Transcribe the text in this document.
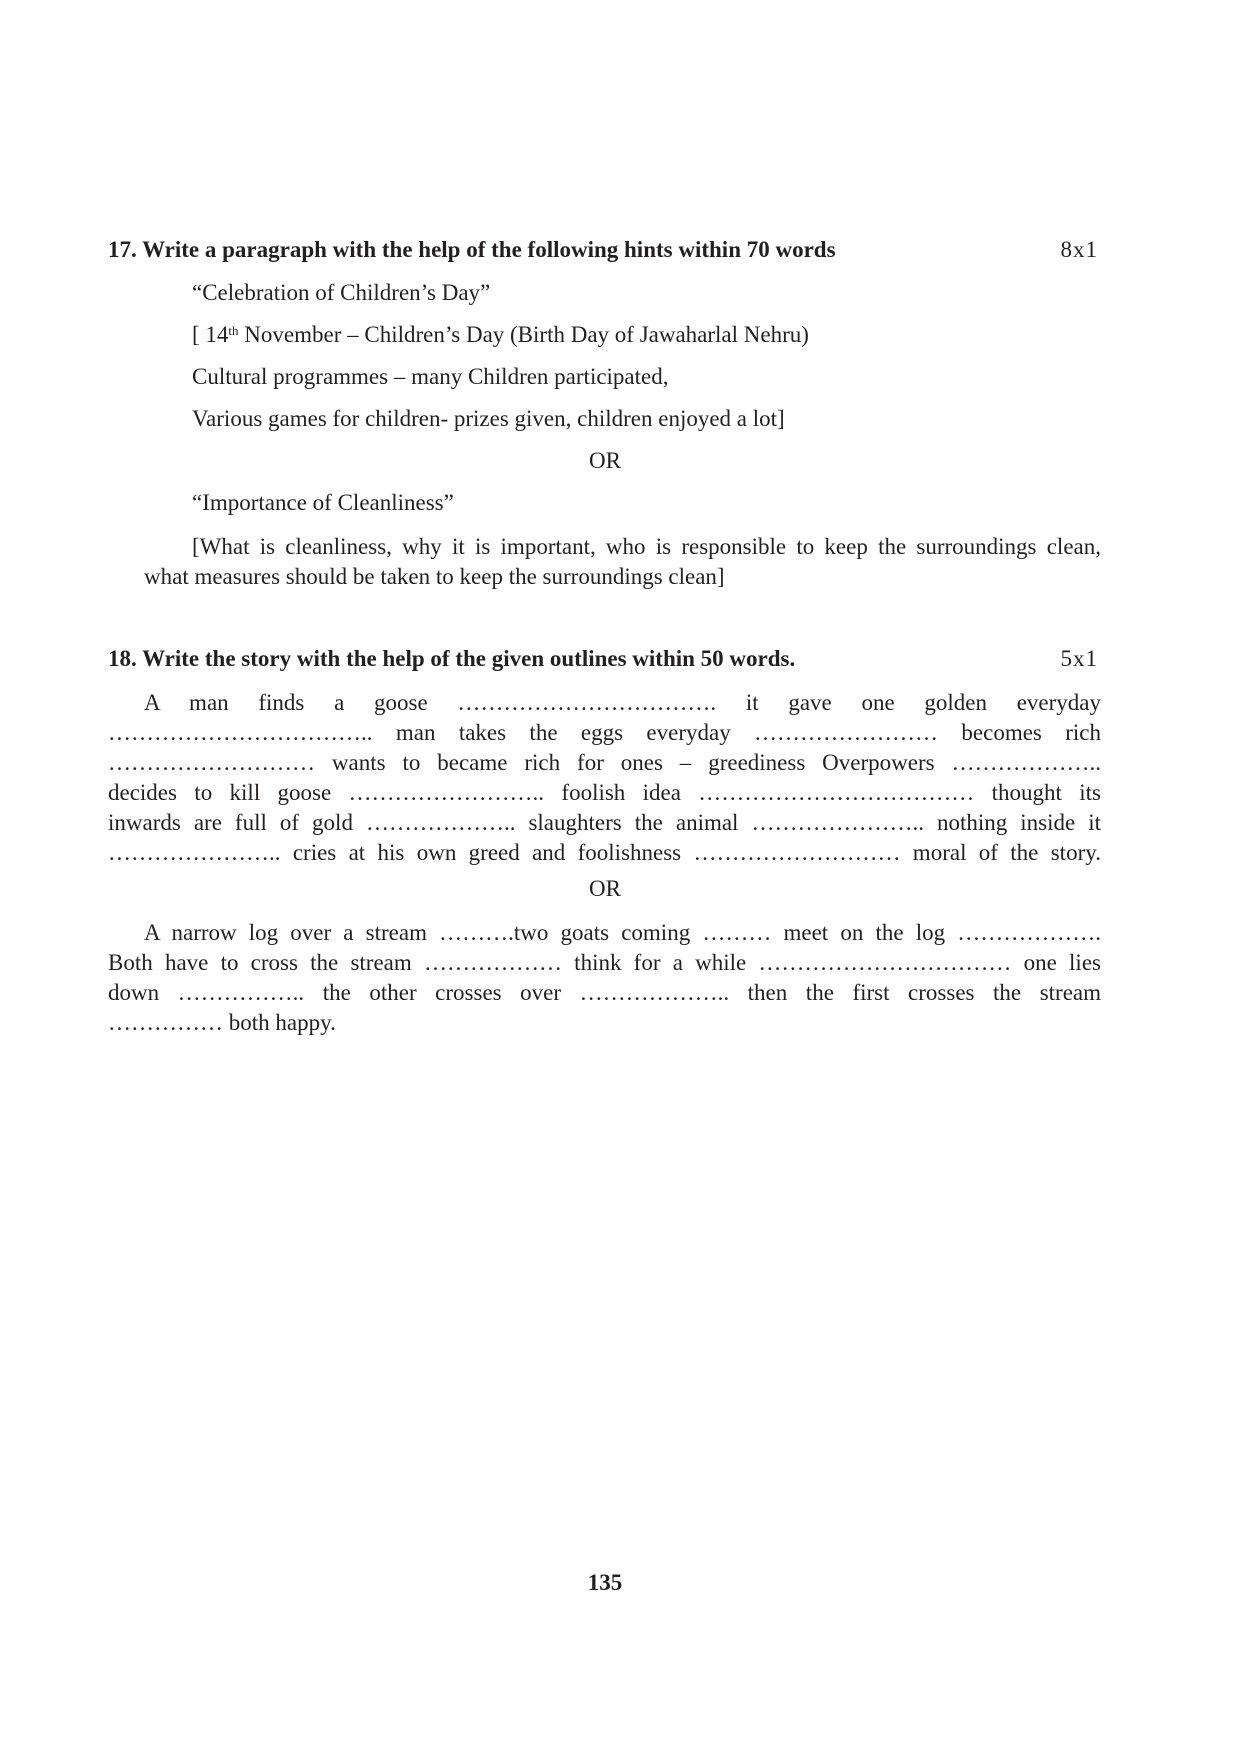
17. Write a paragraph with the help of the following hints within 70 words	8x1
“Celebration of Children’s Day”
[ 14th November – Children’s Day (Birth Day of Jawaharlal Nehru)
Cultural programmes – many Children participated,
Various games for children- prizes given, children enjoyed a lot]
OR
“Importance of Cleanliness”
[What is cleanliness, why it is important, who is responsible to keep the surroundings clean,
what measures should be taken to keep the surroundings clean]
18. Write the story with the help of the given outlines within 50 words.	5x1
A man finds a goose ……………………………. it gave one golden everyday
…………………………….. man takes the eggs everyday …………………… becomes rich
……………………… wants to became rich for ones – greediness Overpowers ………………..
decides to kill goose …………………….. foolish idea ……………………………… thought its
inwards are full of gold ……………….. slaughters the animal ………………….. nothing inside it
………………….. cries at his own greed and foolishness ……………………… moral of the story.
OR
A narrow log over a stream ……….two goats coming ……… meet on the log ……………….
Both have to cross the stream ……………… think for a while …………………………… one lies
down …………….. the other crosses over ……………….. then the first crosses the stream
…………… both happy.
135
